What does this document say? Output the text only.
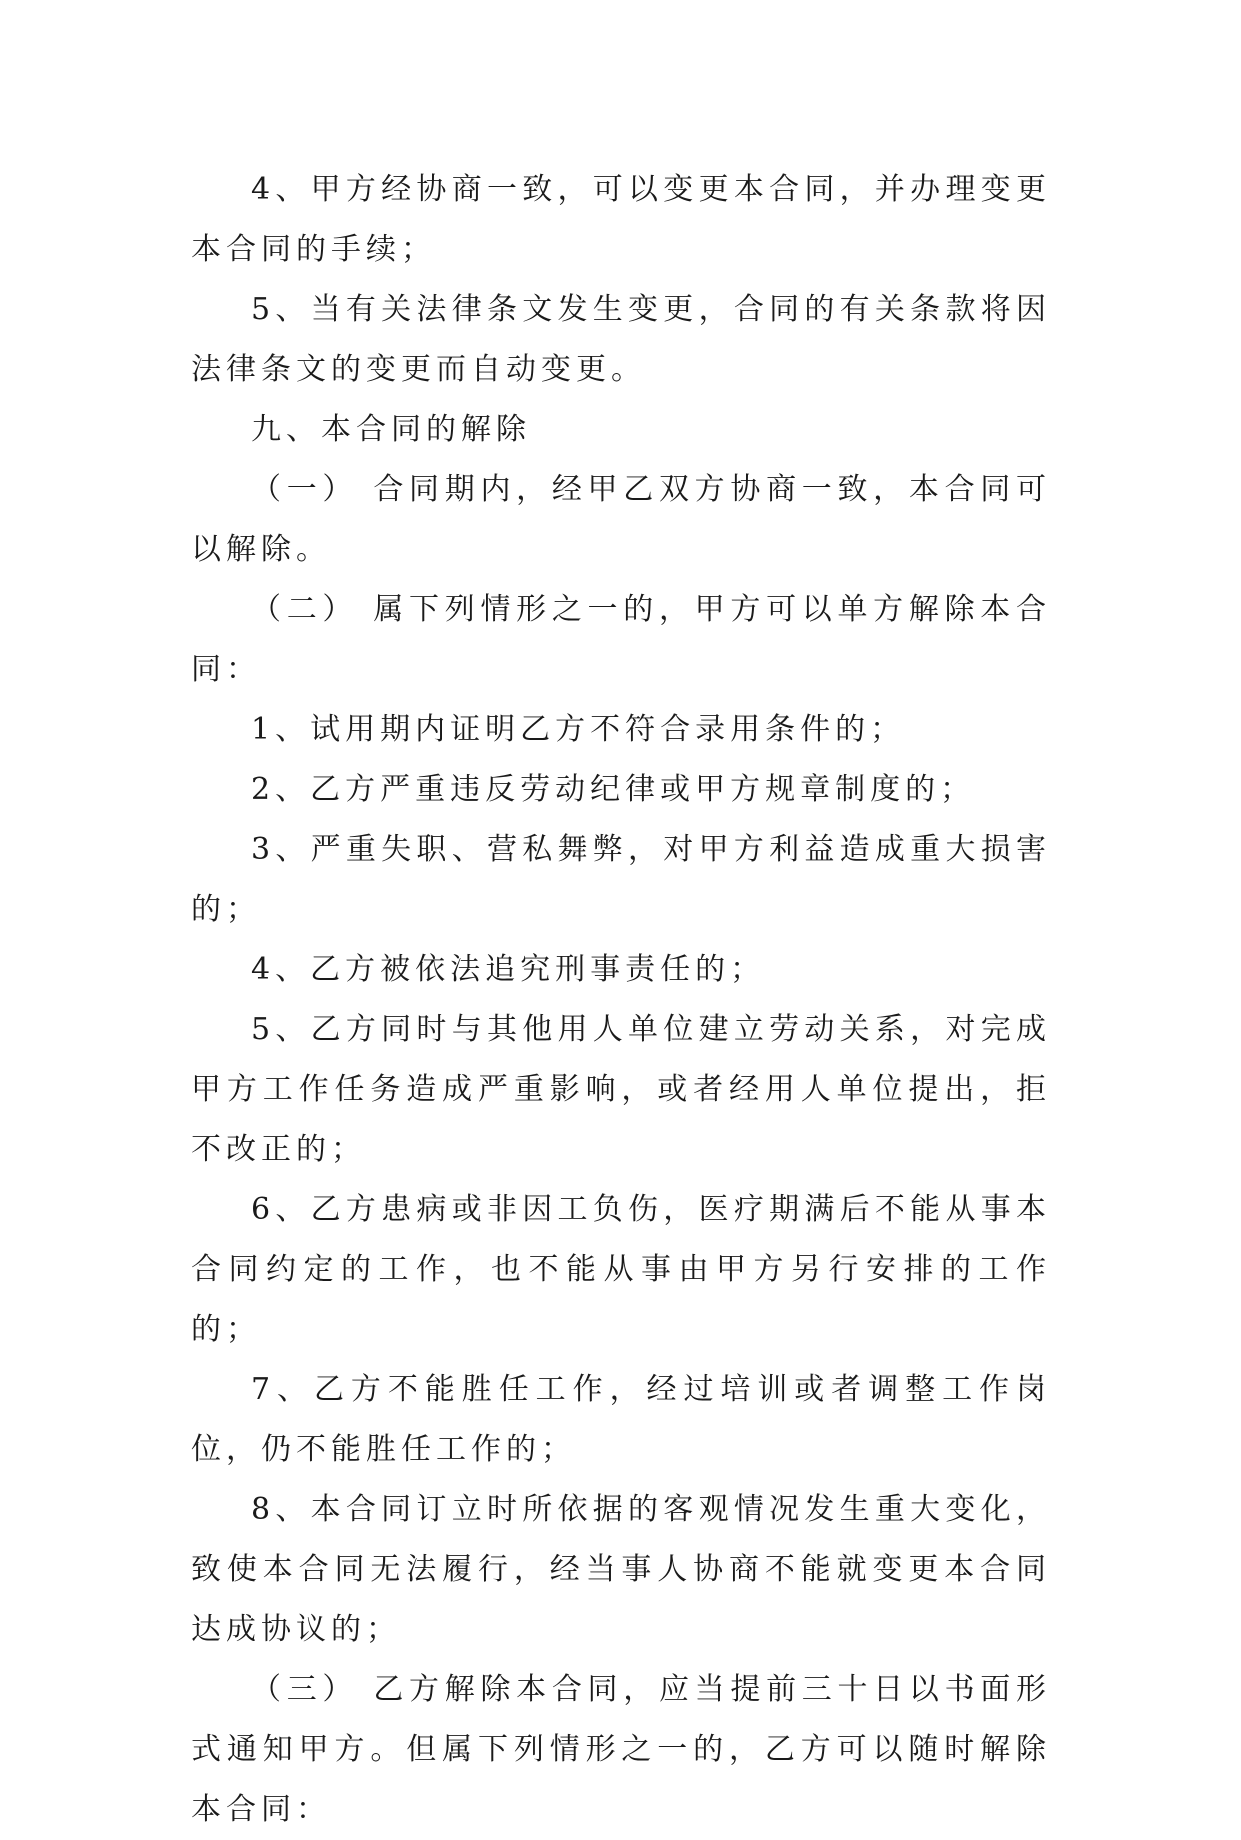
4、甲方经协商一致，可以变更本合同，并办理变更本合同的手续；

5、当有关法律条文发生变更，合同的有关条款将因法律条文的变更而自动变更。

九、本合同的解除

（一） 合同期内，经甲乙双方协商一致，本合同可以解除。

（二） 属下列情形之一的，甲方可以单方解除本合同：

1、试用期内证明乙方不符合录用条件的；

2、乙方严重违反劳动纪律或甲方规章制度的；

3、严重失职、营私舞弊，对甲方利益造成重大损害的；

4、乙方被依法追究刑事责任的；

5、乙方同时与其他用人单位建立劳动关系，对完成甲方工作任务造成严重影响，或者经用人单位提出，拒不改正的；

6、乙方患病或非因工负伤，医疗期满后不能从事本合同约定的工作，也不能从事由甲方另行安排的工作的；

7、乙方不能胜任工作，经过培训或者调整工作岗位，仍不能胜任工作的；

8、本合同订立时所依据的客观情况发生重大变化，致使本合同无法履行，经当事人协商不能就变更本合同达成协议的；

（三） 乙方解除本合同，应当提前三十日以书面形式通知甲方。但属下列情形之一的，乙方可以随时解除本合同：
